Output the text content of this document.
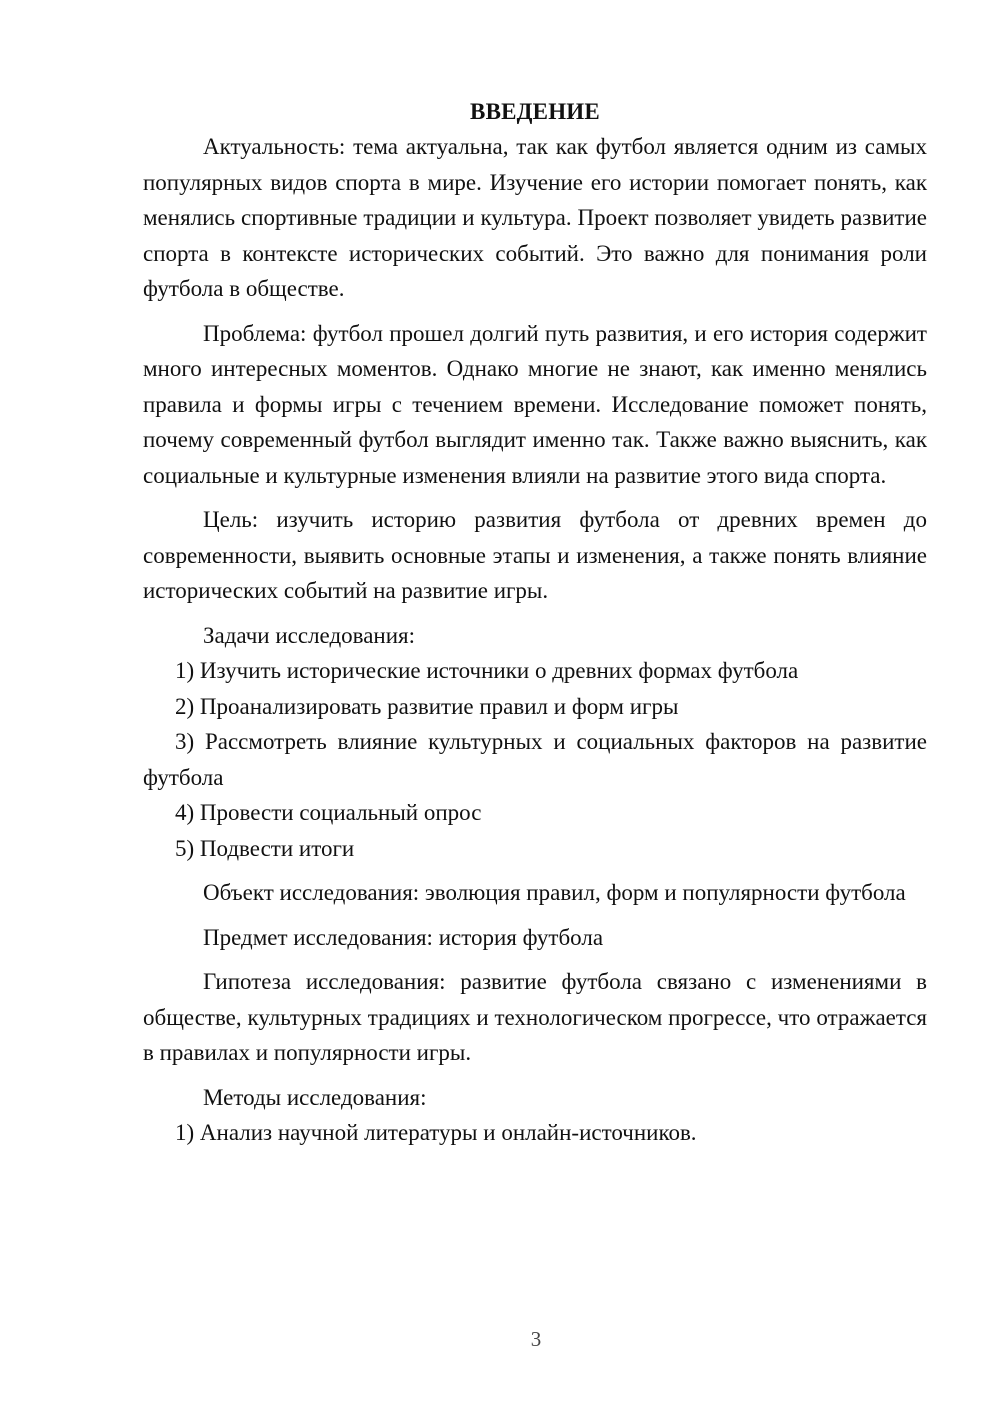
ВВЕДЕНИЕ

Актуальность: тема актуальна, так как футбол является одним из самых популярных видов спорта в мире. Изучение его истории помогает понять, как менялись спортивные традиции и культура. Проект позволяет увидеть развитие спорта в контексте исторических событий. Это важно для понимания роли футбола в обществе.

Проблема: футбол прошел долгий путь развития, и его история содержит много интересных моментов. Однако многие не знают, как именно менялись правила и формы игры с течением времени. Исследование поможет понять, почему современный футбол выглядит именно так. Также важно выяснить, как социальные и культурные изменения влияли на развитие этого вида спорта.

Цель: изучить историю развития футбола от древних времен до современности, выявить основные этапы и изменения, а также понять влияние исторических событий на развитие игры.

Задачи исследования:

1) Изучить исторические источники о древних формах футбола

2) Проанализировать развитие правил и форм игры

3) Рассмотреть влияние культурных и социальных факторов на развитие футбола

4) Провести социальный опрос

5) Подвести итоги

Объект исследования: эволюция правил, форм и популярности футбола

Предмет исследования: история футбола

Гипотеза исследования: развитие футбола связано с изменениями в обществе, культурных традициях и технологическом прогрессе, что отражается в правилах и популярности игры.

Методы исследования:

1) Анализ научной литературы и онлайн-источников.

3
